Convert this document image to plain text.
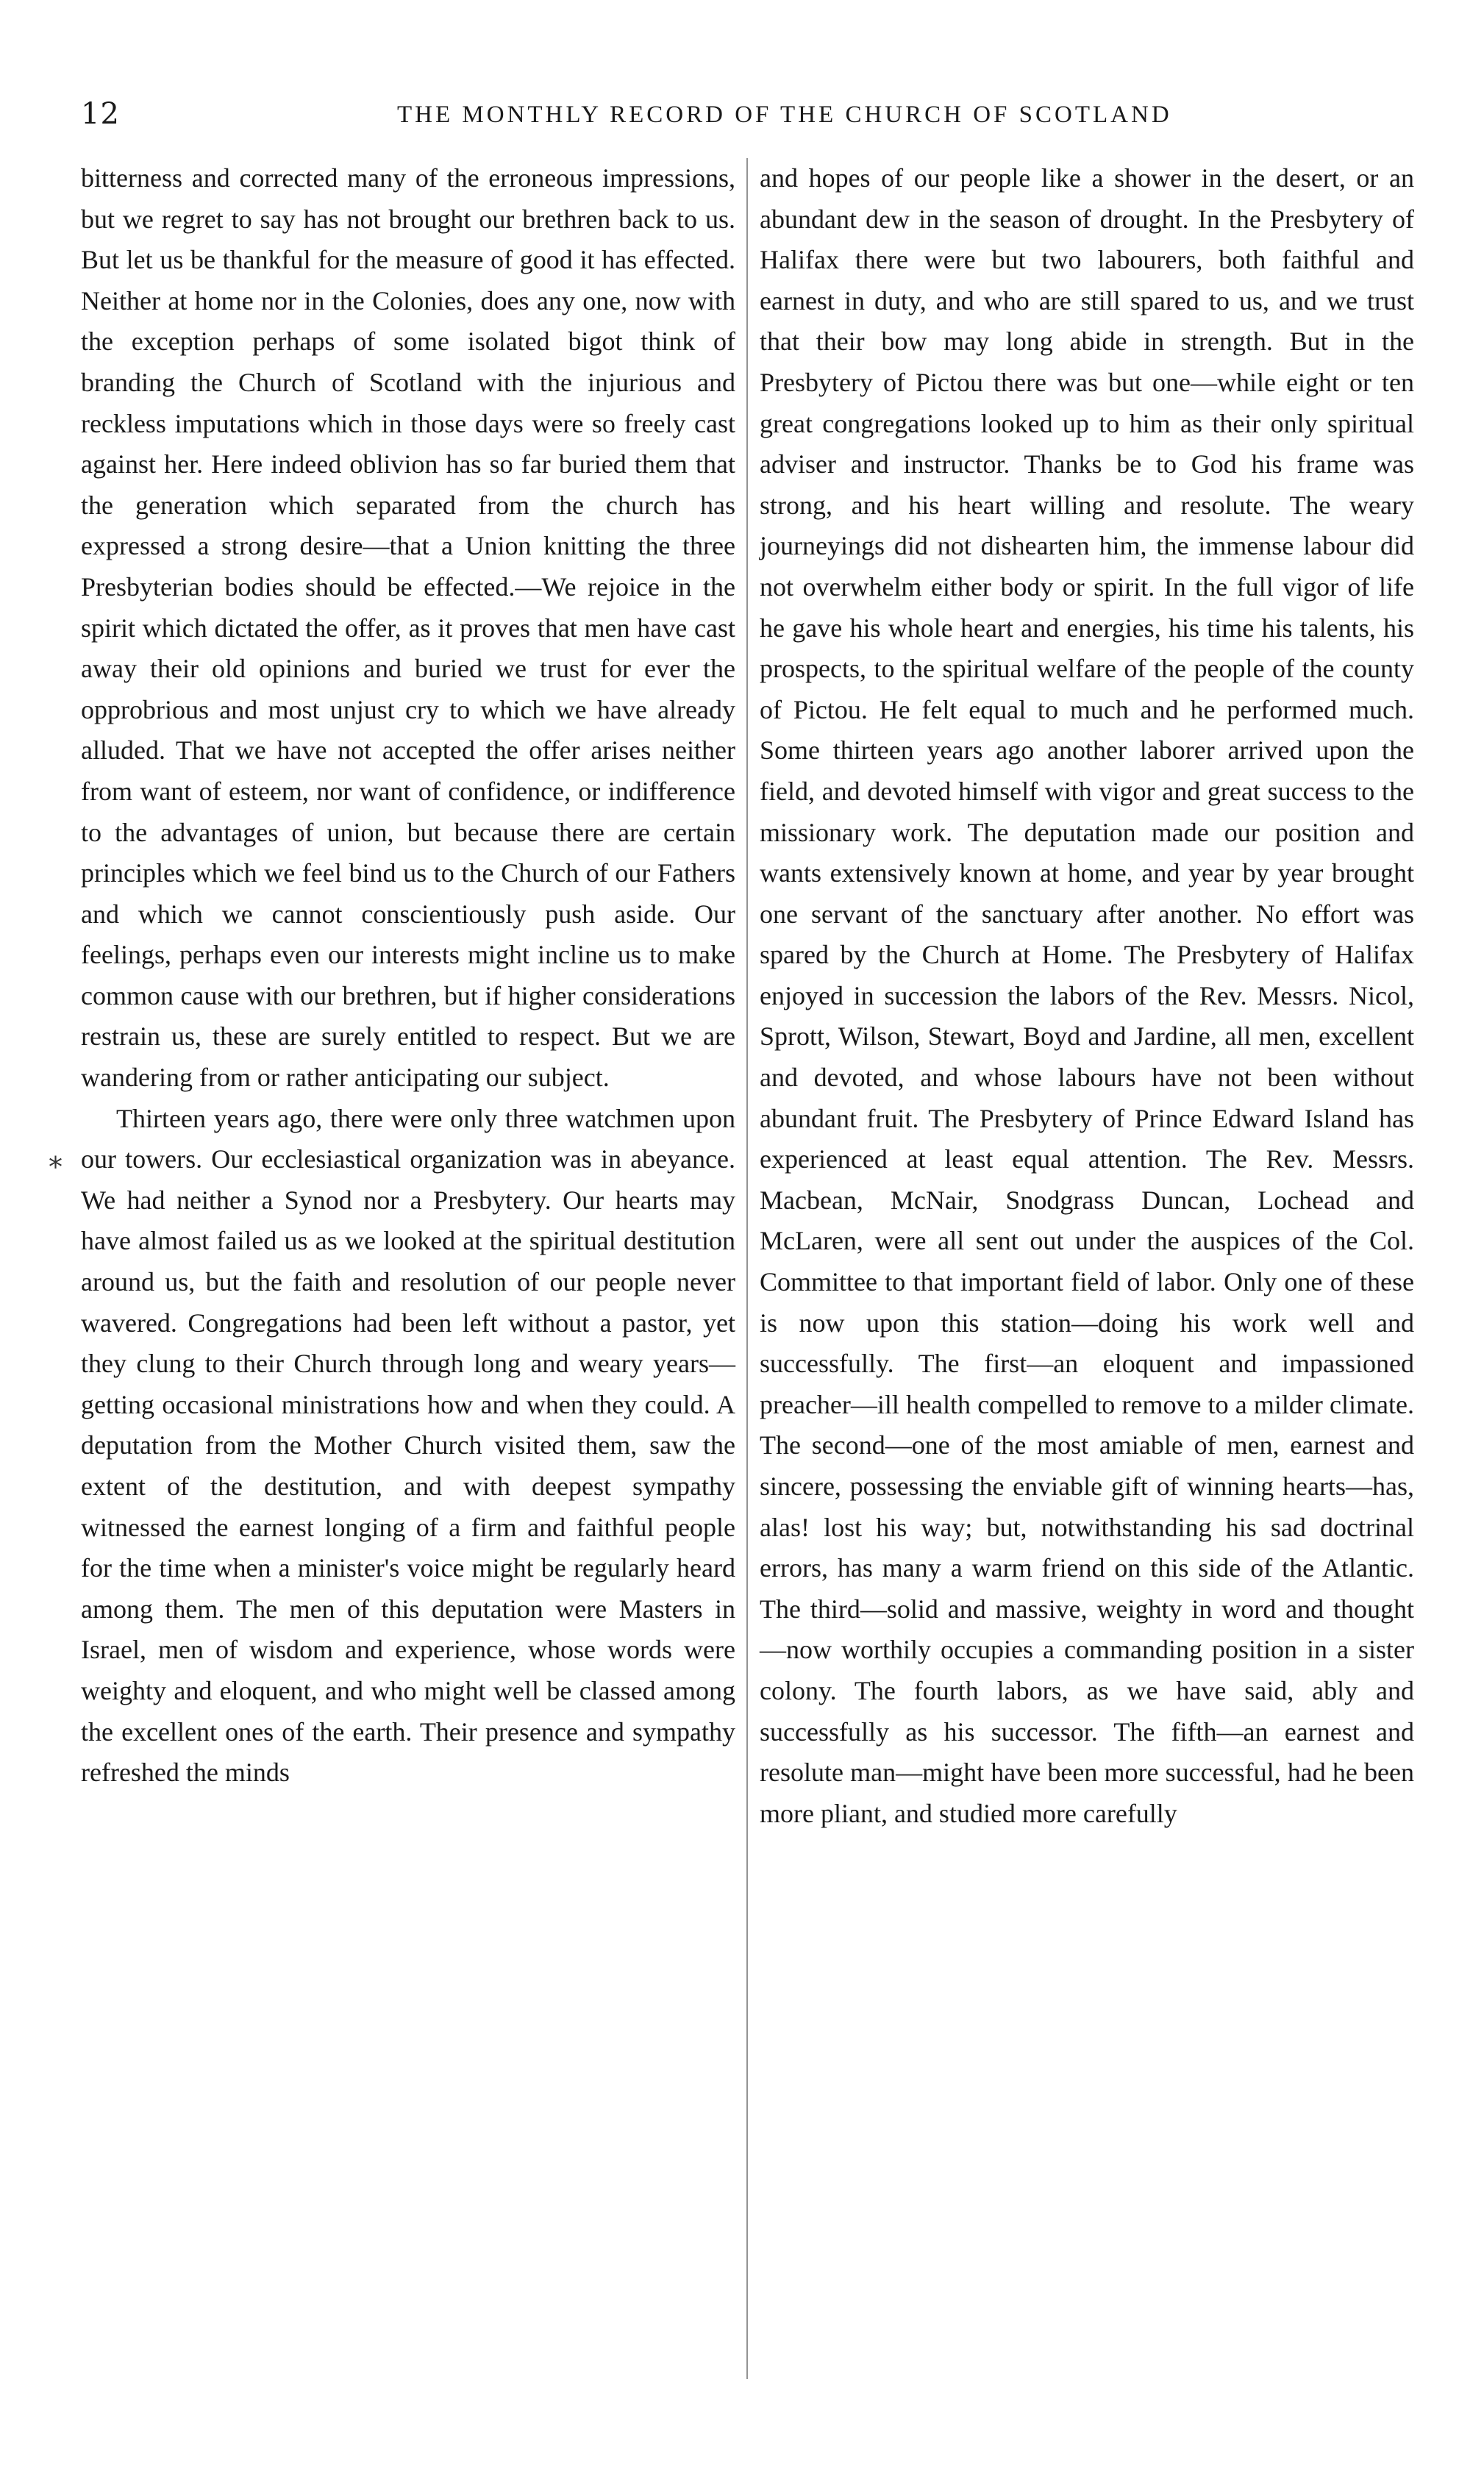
12	THE MONTHLY RECORD OF THE CHURCH OF SCOTLAND

bitterness and corrected many of the erroneous impressions, but we regret to say has not brought our brethren back to us. But let us be thankful for the measure of good it has effected. Neither at home nor in the Colonies, does any one, now with the exception perhaps of some isolated bigot think of branding the Church of Scotland with the injurious and reckless imputations which in those days were so freely cast against her. Here indeed oblivion has so far buried them that the generation which separated from the church has expressed a strong desire—that a Union knitting the three Presbyterian bodies should be effected.—We rejoice in the spirit which dictated the offer, as it proves that men have cast away their old opinions and buried we trust for ever the opprobrious and most unjust cry to which we have already alluded. That we have not accepted the offer arises neither from want of esteem, nor want of confidence, or indifference to the advantages of union, but because there are certain principles which we feel bind us to the Church of our Fathers and which we cannot conscientiously push aside. Our feelings, perhaps even our interests might incline us to make common cause with our brethren, but if higher considerations restrain us, these are surely entitled to respect. But we are wandering from or rather anticipating our subject.

Thirteen years ago, there were only three watchmen upon our towers. Our ecclesiastical organization was in abeyance. We had neither a Synod nor a Presbytery. Our hearts may have almost failed us as we looked at the spiritual destitution around us, but the faith and resolution of our people never wavered. Congregations had been left without a pastor, yet they clung to their Church through long and weary years—getting occasional ministrations how and when they could. A deputation from the Mother Church visited them, saw the extent of the destitution, and with deepest sympathy witnessed the earnest longing of a firm and faithful people for the time when a minister's voice might be regularly heard among them. The men of this deputation were Masters in Israel, men of wisdom and experience, whose words were weighty and eloquent, and who might well be classed among the excellent ones of the earth. Their presence and sympathy refreshed the minds

and hopes of our people like a shower in the desert, or an abundant dew in the season of drought. In the Presbytery of Halifax there were but two labourers, both faithful and earnest in duty, and who are still spared to us, and we trust that their bow may long abide in strength. But in the Presbytery of Pictou there was but one—while eight or ten great congregations looked up to him as their only spiritual adviser and instructor. Thanks be to God his frame was strong, and his heart willing and resolute. The weary journeyings did not dishearten him, the immense labour did not overwhelm either body or spirit. In the full vigor of life he gave his whole heart and energies, his time his talents, his prospects, to the spiritual welfare of the people of the county of Pictou. He felt equal to much and he performed much. Some thirteen years ago another laborer arrived upon the field, and devoted himself with vigor and great success to the missionary work. The deputation made our position and wants extensively known at home, and year by year brought one servant of the sanctuary after another. No effort was spared by the Church at Home. The Presbytery of Halifax enjoyed in succession the labors of the Rev. Messrs. Nicol, Sprott, Wilson, Stewart, Boyd and Jardine, all men, excellent and devoted, and whose labours have not been without abundant fruit. The Presbytery of Prince Edward Island has experienced at least equal attention. The Rev. Messrs. Macbean, McNair, Snodgrass Duncan, Lochead and McLaren, were all sent out under the auspices of the Col. Committee to that important field of labor. Only one of these is now upon this station—doing his work well and successfully. The first—an eloquent and impassioned preacher—ill health compelled to remove to a milder climate. The second—one of the most amiable of men, earnest and sincere, possessing the enviable gift of winning hearts—has, alas! lost his way; but, notwithstanding his sad doctrinal errors, has many a warm friend on this side of the Atlantic. The third—solid and massive, weighty in word and thought—now worthily occupies a commanding position in a sister colony. The fourth labors, as we have said, ably and successfully as his successor. The fifth—an earnest and resolute man—might have been more successful, had he been more pliant, and studied more carefully

*
